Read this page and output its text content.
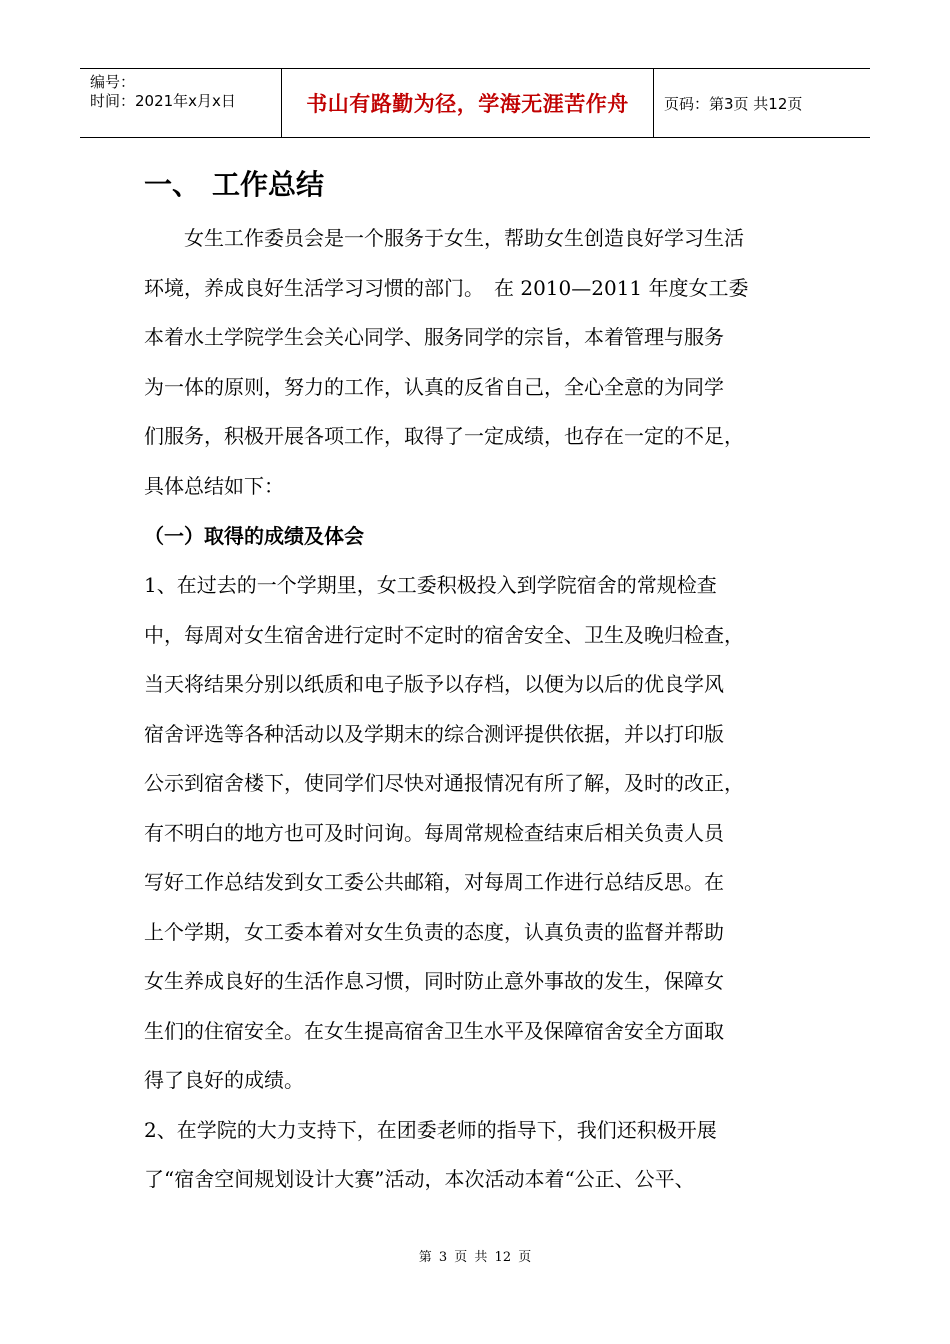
编号：
时间：2021年x月x日	书山有路勤为径，学海无涯苦作舟	页码：第3页 共12页
一、 工作总结
　　女生工作委员会是一个服务于女生，帮助女生创造良好学习生活
环境，养成良好生活学习习惯的部门。　在 2010—2011 年度女工委
本着水土学院学生会关心同学、服务同学的宗旨，本着管理与服务
为一体的原则，努力的工作，认真的反省自己，全心全意的为同学
们服务，积极开展各项工作，取得了一定成绩，也存在一定的不足，
具体总结如下：
（一）取得的成绩及体会
1、在过去的一个学期里，女工委积极投入到学院宿舍的常规检查
中，每周对女生宿舍进行定时不定时的宿舍安全、卫生及晚归检查，
当天将结果分别以纸质和电子版予以存档，以便为以后的优良学风
宿舍评选等各种活动以及学期末的综合测评提供依据，并以打印版
公示到宿舍楼下，使同学们尽快对通报情况有所了解，及时的改正，
有不明白的地方也可及时问询。每周常规检查结束后相关负责人员
写好工作总结发到女工委公共邮箱，对每周工作进行总结反思。在
上个学期，女工委本着对女生负责的态度，认真负责的监督并帮助
女生养成良好的生活作息习惯，同时防止意外事故的发生，保障女
生们的住宿安全。在女生提高宿舍卫生水平及保障宿舍安全方面取
得了良好的成绩。
2、在学院的大力支持下，在团委老师的指导下，我们还积极开展
了“宿舍空间规划设计大赛”活动，本次活动本着“公正、公平、
第 3 页 共 12 页
